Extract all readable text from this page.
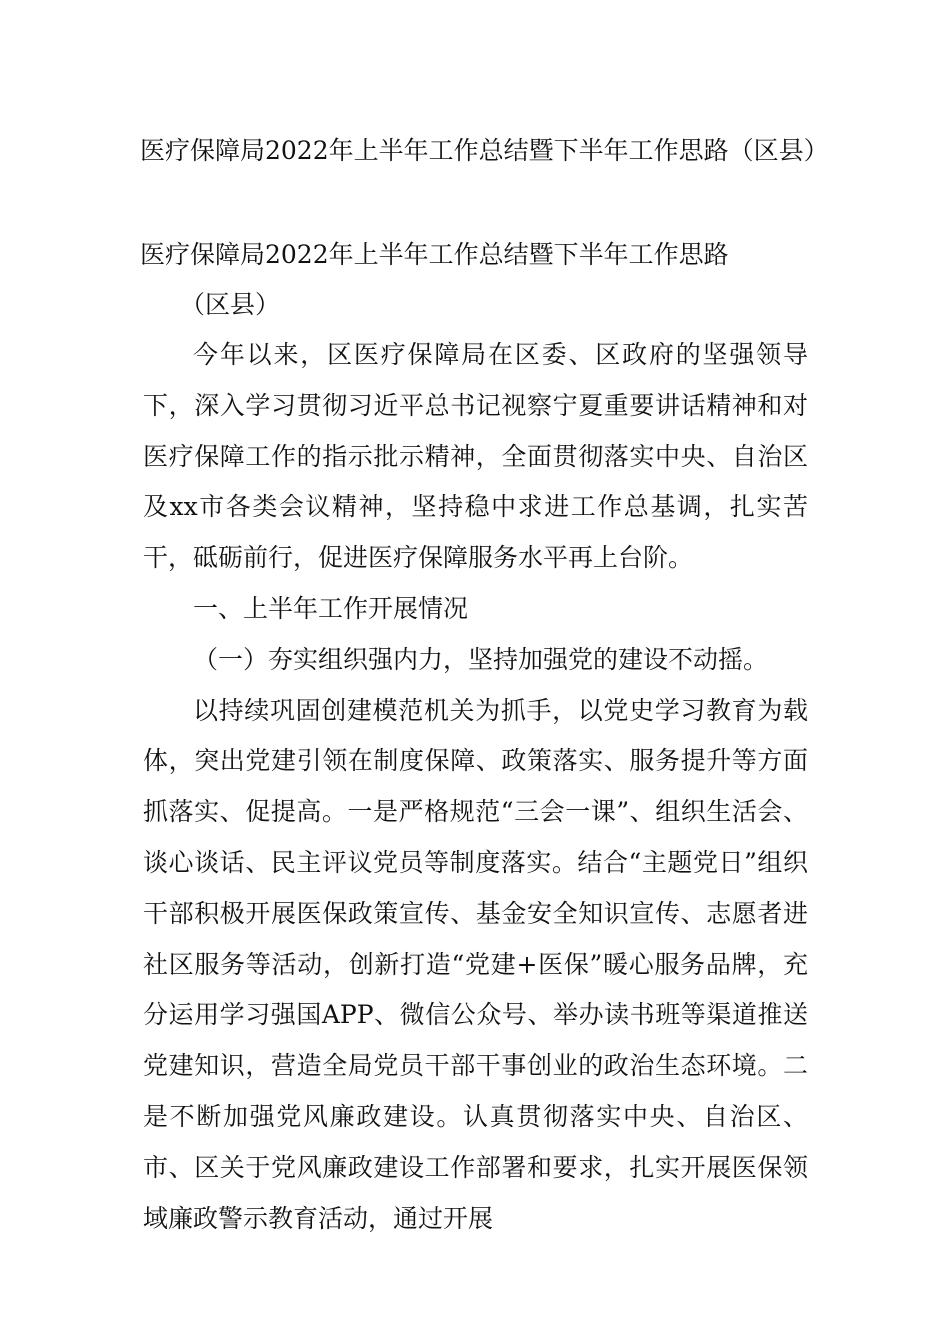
医疗保障局2022年上半年工作总结暨下半年工作思路（区县）
医疗保障局2022年上半年工作总结暨下半年工作思路
（区县）

今年以来，区医疗保障局在区委、区政府的坚强领导下，深入学习贯彻习近平总书记视察宁夏重要讲话精神和对医疗保障工作的指示批示精神，全面贯彻落实中央、自治区及xx市各类会议精神，坚持稳中求进工作总基调，扎实苦干，砥砺前行，促进医疗保障服务水平再上台阶。

一、上半年工作开展情况

（一）夯实组织强内力，坚持加强党的建设不动摇。

以持续巩固创建模范机关为抓手，以党史学习教育为载体，突出党建引领在制度保障、政策落实、服务提升等方面抓落实、促提高。一是严格规范“三会一课”、组织生活会、谈心谈话、民主评议党员等制度落实。结合“主题党日”组织干部积极开展医保政策宣传、基金安全知识宣传、志愿者进社区服务等活动，创新打造“党建+医保”暖心服务品牌，充分运用学习强国APP、微信公众号、举办读书班等渠道推送党建知识，营造全局党员干部干事创业的政治生态环境。二是不断加强党风廉政建设。认真贯彻落实中央、自治区、市、区关于党风廉政建设工作部署和要求，扎实开展医保领域廉政警示教育活动，通过开展
